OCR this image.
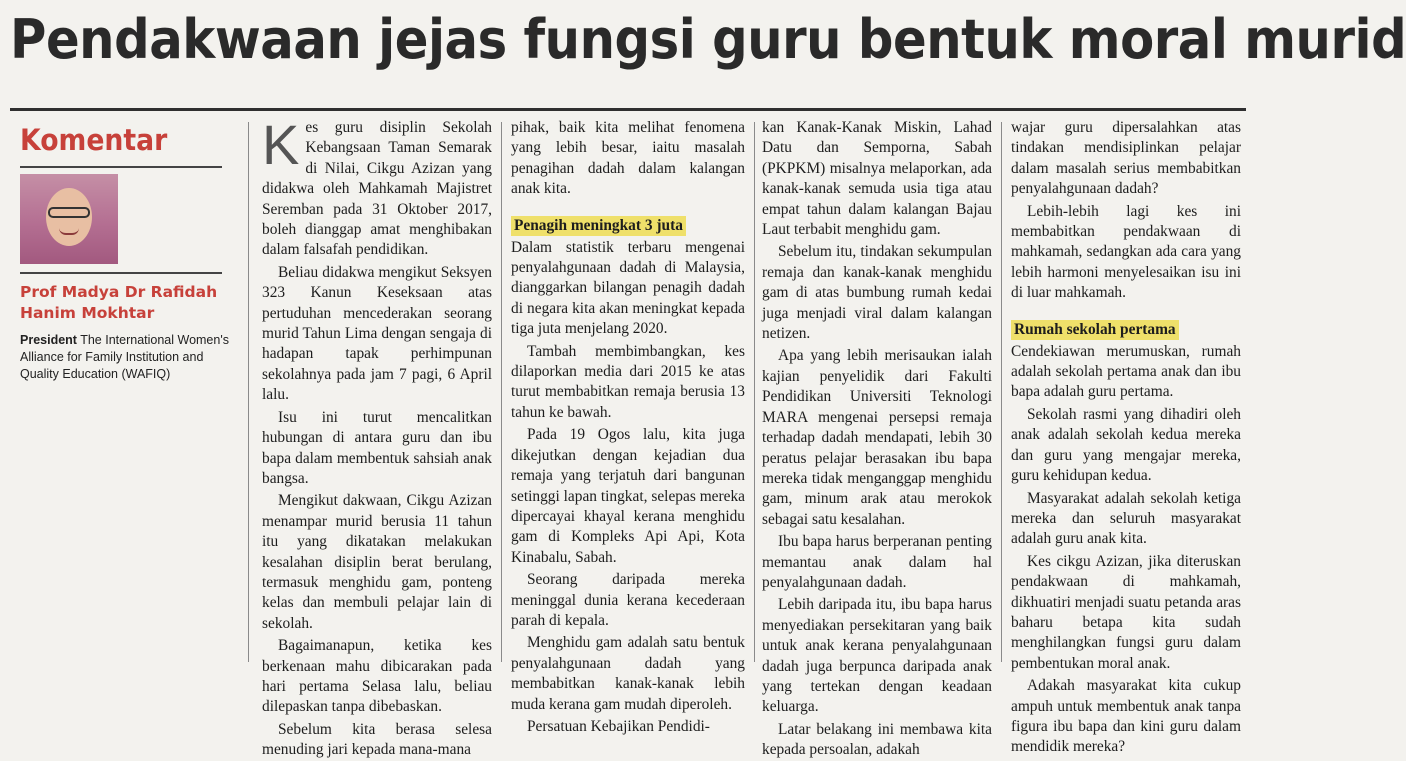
Pendakwaan jejas fungsi guru bentuk moral murid
Komentar
Prof Madya Dr Rafidah Hanim Mokhtar
President The International Women's Alliance for Family Institution and Quality Education (WAFIQ)

Kes guru disiplin Sekolah Kebangsaan Taman Semarak di Nilai, Cikgu Azizan yang didakwa oleh Mahkamah Majistret Seremban pada 31 Oktober 2017, boleh dianggap amat menghibakan dalam falsafah pendidikan.

Beliau didakwa mengikut Seksyen 323 Kanun Keseksaan atas pertuduhan mencederakan seorang murid Tahun Lima dengan sengaja di hadapan tapak perhimpunan sekolahnya pada jam 7 pagi, 6 April lalu.

Isu ini turut mencalitkan hubungan di antara guru dan ibu bapa dalam membentuk sahsiah anak bangsa.

Mengikut dakwaan, Cikgu Azizan menampar murid berusia 11 tahun itu yang dikatakan melakukan kesalahan disiplin berat berulang, termasuk menghidu gam, ponteng kelas dan membuli pelajar lain di sekolah.

Bagaimanapun, ketika kes berkenaan mahu dibicarakan pada hari pertama Selasa lalu, beliau dilepaskan tanpa dibebaskan.

Sebelum kita berasa selesa menuding jari kepada mana-mana

pihak, baik kita melihat fenomena yang lebih besar, iaitu masalah penagihan dadah dalam kalangan anak kita.

Penagih meningkat 3 juta

Dalam statistik terbaru mengenai penyalahgunaan dadah di Malaysia, dianggarkan bilangan penagih dadah di negara kita akan meningkat kepada tiga juta menjelang 2020.

Tambah membimbangkan, kes dilaporkan media dari 2015 ke atas turut membabitkan remaja berusia 13 tahun ke bawah.

Pada 19 Ogos lalu, kita juga dikejutkan dengan kejadian dua remaja yang terjatuh dari bangunan setinggi lapan tingkat, selepas mereka dipercayai khayal kerana menghidu gam di Kompleks Api Api, Kota Kinabalu, Sabah.

Seorang daripada mereka meninggal dunia kerana kecederaan parah di kepala.

Menghidu gam adalah satu bentuk penyalahgunaan dadah yang membabitkan kanak-kanak lebih muda kerana gam mudah diperoleh.

Persatuan Kebajikan Pendidi-

kan Kanak-Kanak Miskin, Lahad Datu dan Semporna, Sabah (PKPKM) misalnya melaporkan, ada kanak-kanak semuda usia tiga atau empat tahun dalam kalangan Bajau Laut terbabit menghidu gam.

Sebelum itu, tindakan sekumpulan remaja dan kanak-kanak menghidu gam di atas bumbung rumah kedai juga menjadi viral dalam kalangan netizen.

Apa yang lebih merisaukan ialah kajian penyelidik dari Fakulti Pendidikan Universiti Teknologi MARA mengenai persepsi remaja terhadap dadah mendapati, lebih 30 peratus pelajar berasakan ibu bapa mereka tidak menganggap menghidu gam, minum arak atau merokok sebagai satu kesalahan.

Ibu bapa harus berperanan penting memantau anak dalam hal penyalahgunaan dadah.

Lebih daripada itu, ibu bapa harus menyediakan persekitaran yang baik untuk anak kerana penyalahgunaan dadah juga berpunca daripada anak yang tertekan dengan keadaan keluarga.

Latar belakang ini membawa kita kepada persoalan, adakah

wajar guru dipersalahkan atas tindakan mendisiplinkan pelajar dalam masalah serius membabitkan penyalahgunaan dadah?

Lebih-lebih lagi kes ini membabitkan pendakwaan di mahkamah, sedangkan ada cara yang lebih harmoni menyelesaikan isu ini di luar mahkamah.

Rumah sekolah pertama

Cendekiawan merumuskan, rumah adalah sekolah pertama anak dan ibu bapa adalah guru pertama.

Sekolah rasmi yang dihadiri oleh anak adalah sekolah kedua mereka dan guru yang mengajar mereka, guru kehidupan kedua.

Masyarakat adalah sekolah ketiga mereka dan seluruh masyarakat adalah guru anak kita.

Kes cikgu Azizan, jika diteruskan pendakwaan di mahkamah, dikhuatiri menjadi suatu petanda aras baharu betapa kita sudah menghilangkan fungsi guru dalam pembentukan moral anak.

Adakah masyarakat kita cukup ampuh untuk membentuk anak tanpa figura ibu bapa dan kini guru dalam mendidik mereka?
